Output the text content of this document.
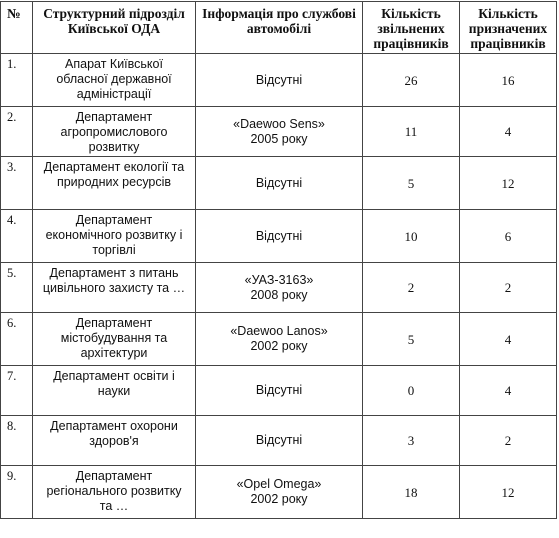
№	Структурний підрозділ Київської ОДА	Інформація про службові автомобілі	Кількість звільнених працівників	Кількість призначених працівників
1.	Апарат Київської
обласної державної
адміністрації	Відсутні	26	16
2.	Департамент
агропромислового
розвитку	«Daewoo Sens»
2005 року	11	4
3.	Департамент екології та
природних ресурсів	Відсутні	5	12
4.	Департамент
економічного розвитку і
торгівлі	Відсутні	10	6
5.	Департамент з питань
цивільного захисту та …	«УАЗ-3163»
2008 року	2	2
6.	Департамент
містобудування та
архітектури	«Daewoo Lanos»
2002 року	5	4
7.	Департамент освіти і
науки	Відсутні	0	4
8.	Департамент охорони
здоров'я	Відсутні	3	2
9.	Департамент
регіонального розвитку
та …	«Opel Omega»
2002 року	18	12
